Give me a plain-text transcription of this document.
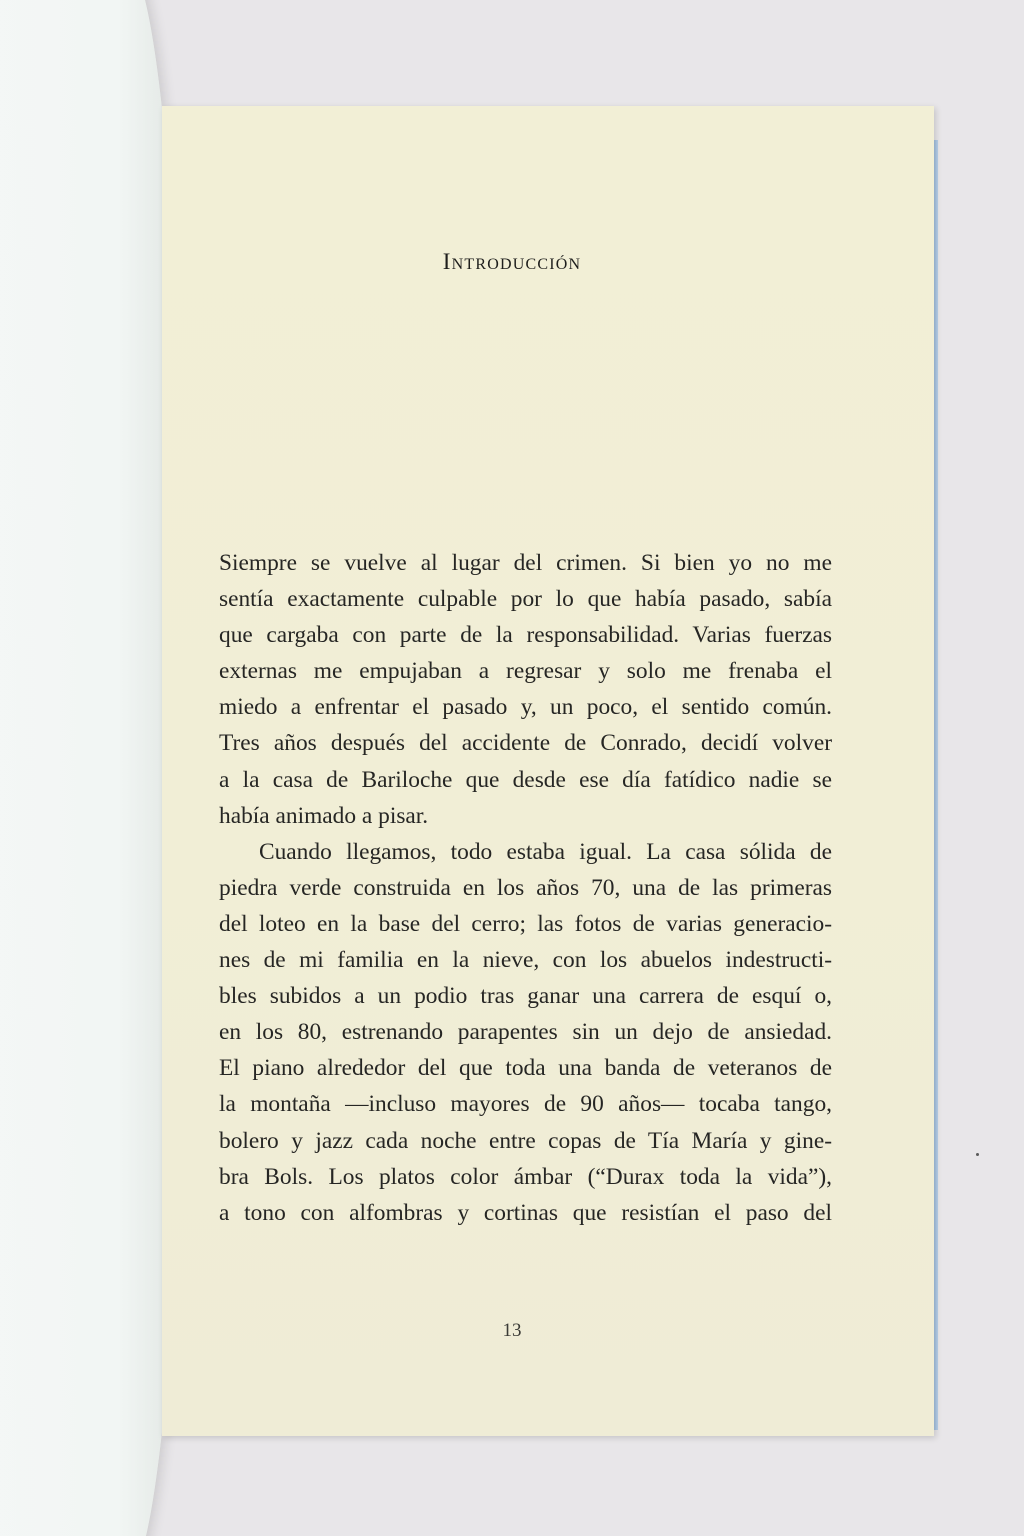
Introducción
Siempre se vuelve al lugar del crimen. Si bien yo no me
sentía exactamente culpable por lo que había pasado, sabía
que cargaba con parte de la responsabilidad. Varias fuerzas
externas me empujaban a regresar y solo me frenaba el
miedo a enfrentar el pasado y, un poco, el sentido común.
Tres años después del accidente de Conrado, decidí volver
a la casa de Bariloche que desde ese día fatídico nadie se
había animado a pisar.
Cuando llegamos, todo estaba igual. La casa sólida de
piedra verde construida en los años 70, una de las primeras
del loteo en la base del cerro; las fotos de varias generacio-
nes de mi familia en la nieve, con los abuelos indestructi-
bles subidos a un podio tras ganar una carrera de esquí o,
en los 80, estrenando parapentes sin un dejo de ansiedad.
El piano alrededor del que toda una banda de veteranos de
la montaña —incluso mayores de 90 años— tocaba tango,
bolero y jazz cada noche entre copas de Tía María y gine-
bra Bols. Los platos color ámbar (“Durax toda la vida”),
a tono con alfombras y cortinas que resistían el paso del
13
